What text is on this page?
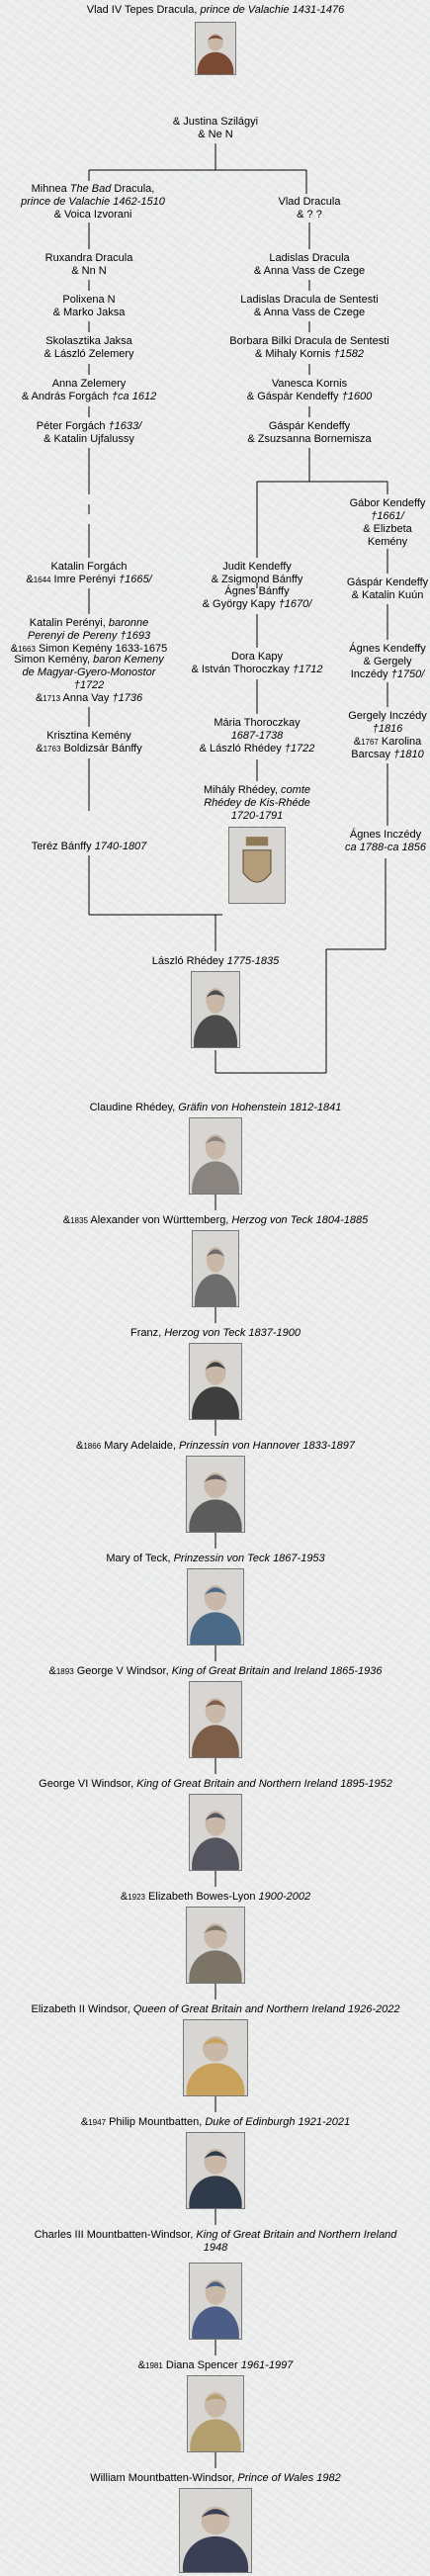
Vlad IV Tepes Dracula, prince de Valachie 1431-1476
& Justina Szilágyi
& Ne N
Mihnea The Bad Dracula,
prince de Valachie 1462-1510
& Voica Izvorani
Vlad Dracula
& ? ?
Ruxandra Dracula
& Nn N
Ladislas Dracula
& Anna Vass de Czege
Polixena N
& Marko Jaksa
Ladislas Dracula de Sentesti
& Anna Vass de Czege
Skolasztika Jaksa
& László Zelemery
Borbara Bilki Dracula de Sentesti
& Mihaly Kornis †1582
Anna Zelemery
& András Forgách †ca 1612
Vanesca Kornis
& Gáspár Kendeffy †1600
Péter Forgách †1633/
& Katalin Ujfalussy
Gáspár Kendeffy
& Zsuzsanna Bornemisza
Gábor Kendeffy
†1661/
& Elizbeta
Kemény
Katalin Forgách
&1644 Imre Perényi †1665/
Judit Kendeffy
& Zsigmond Bánffy	Gáspár Kendeffy
& Katalin Kuún
Katalin Perényi, baronne
Perenyi de Pereny †1693
&1663 Simon Kemény 1633-1675
Ágnes Bánffy
& György Kapy †1670/
Ágnes Kendeffy
& Gergely
Inczédy †1750/
Simon Kemény, baron Kemeny
de Magyar-Gyero-Monostor
†1722
&1713 Anna Vay †1736
Dora Kapy
& István Thoroczkay †1712
Gergely Inczédy
†1816
&1767 Karolina
Barcsay †1810
Krisztina Kemény
&1763 Boldizsár Bánffy
Mária Thoroczkay
1687-1738
& László Rhédey †1722
Mihály Rhédey, comte
Rhédey de Kis-Rhéde
1720-1791
Teréz Bánffy 1740-1807
Ágnes Inczédy
ca 1788-ca 1856
László Rhédey 1775-1835
Claudine Rhédey, Gräfin von Hohenstein 1812-1841
&1835 Alexander von Württemberg, Herzog von Teck 1804-1885
Franz, Herzog von Teck 1837-1900
&1866 Mary Adelaide, Prinzessin von Hannover 1833-1897
Mary of Teck, Prinzessin von Teck 1867-1953
&1893 George V Windsor, King of Great Britain and Ireland 1865-1936
George VI Windsor, King of Great Britain and Northern Ireland 1895-1952
&1923 Elizabeth Bowes-Lyon 1900-2002
Elizabeth II Windsor, Queen of Great Britain and Northern Ireland 1926-2022
&1947 Philip Mountbatten, Duke of Edinburgh 1921-2021
Charles III Mountbatten-Windsor, King of Great Britain and Northern Ireland
1948
&1981 Diana Spencer 1961-1997
William Mountbatten-Windsor, Prince of Wales 1982
